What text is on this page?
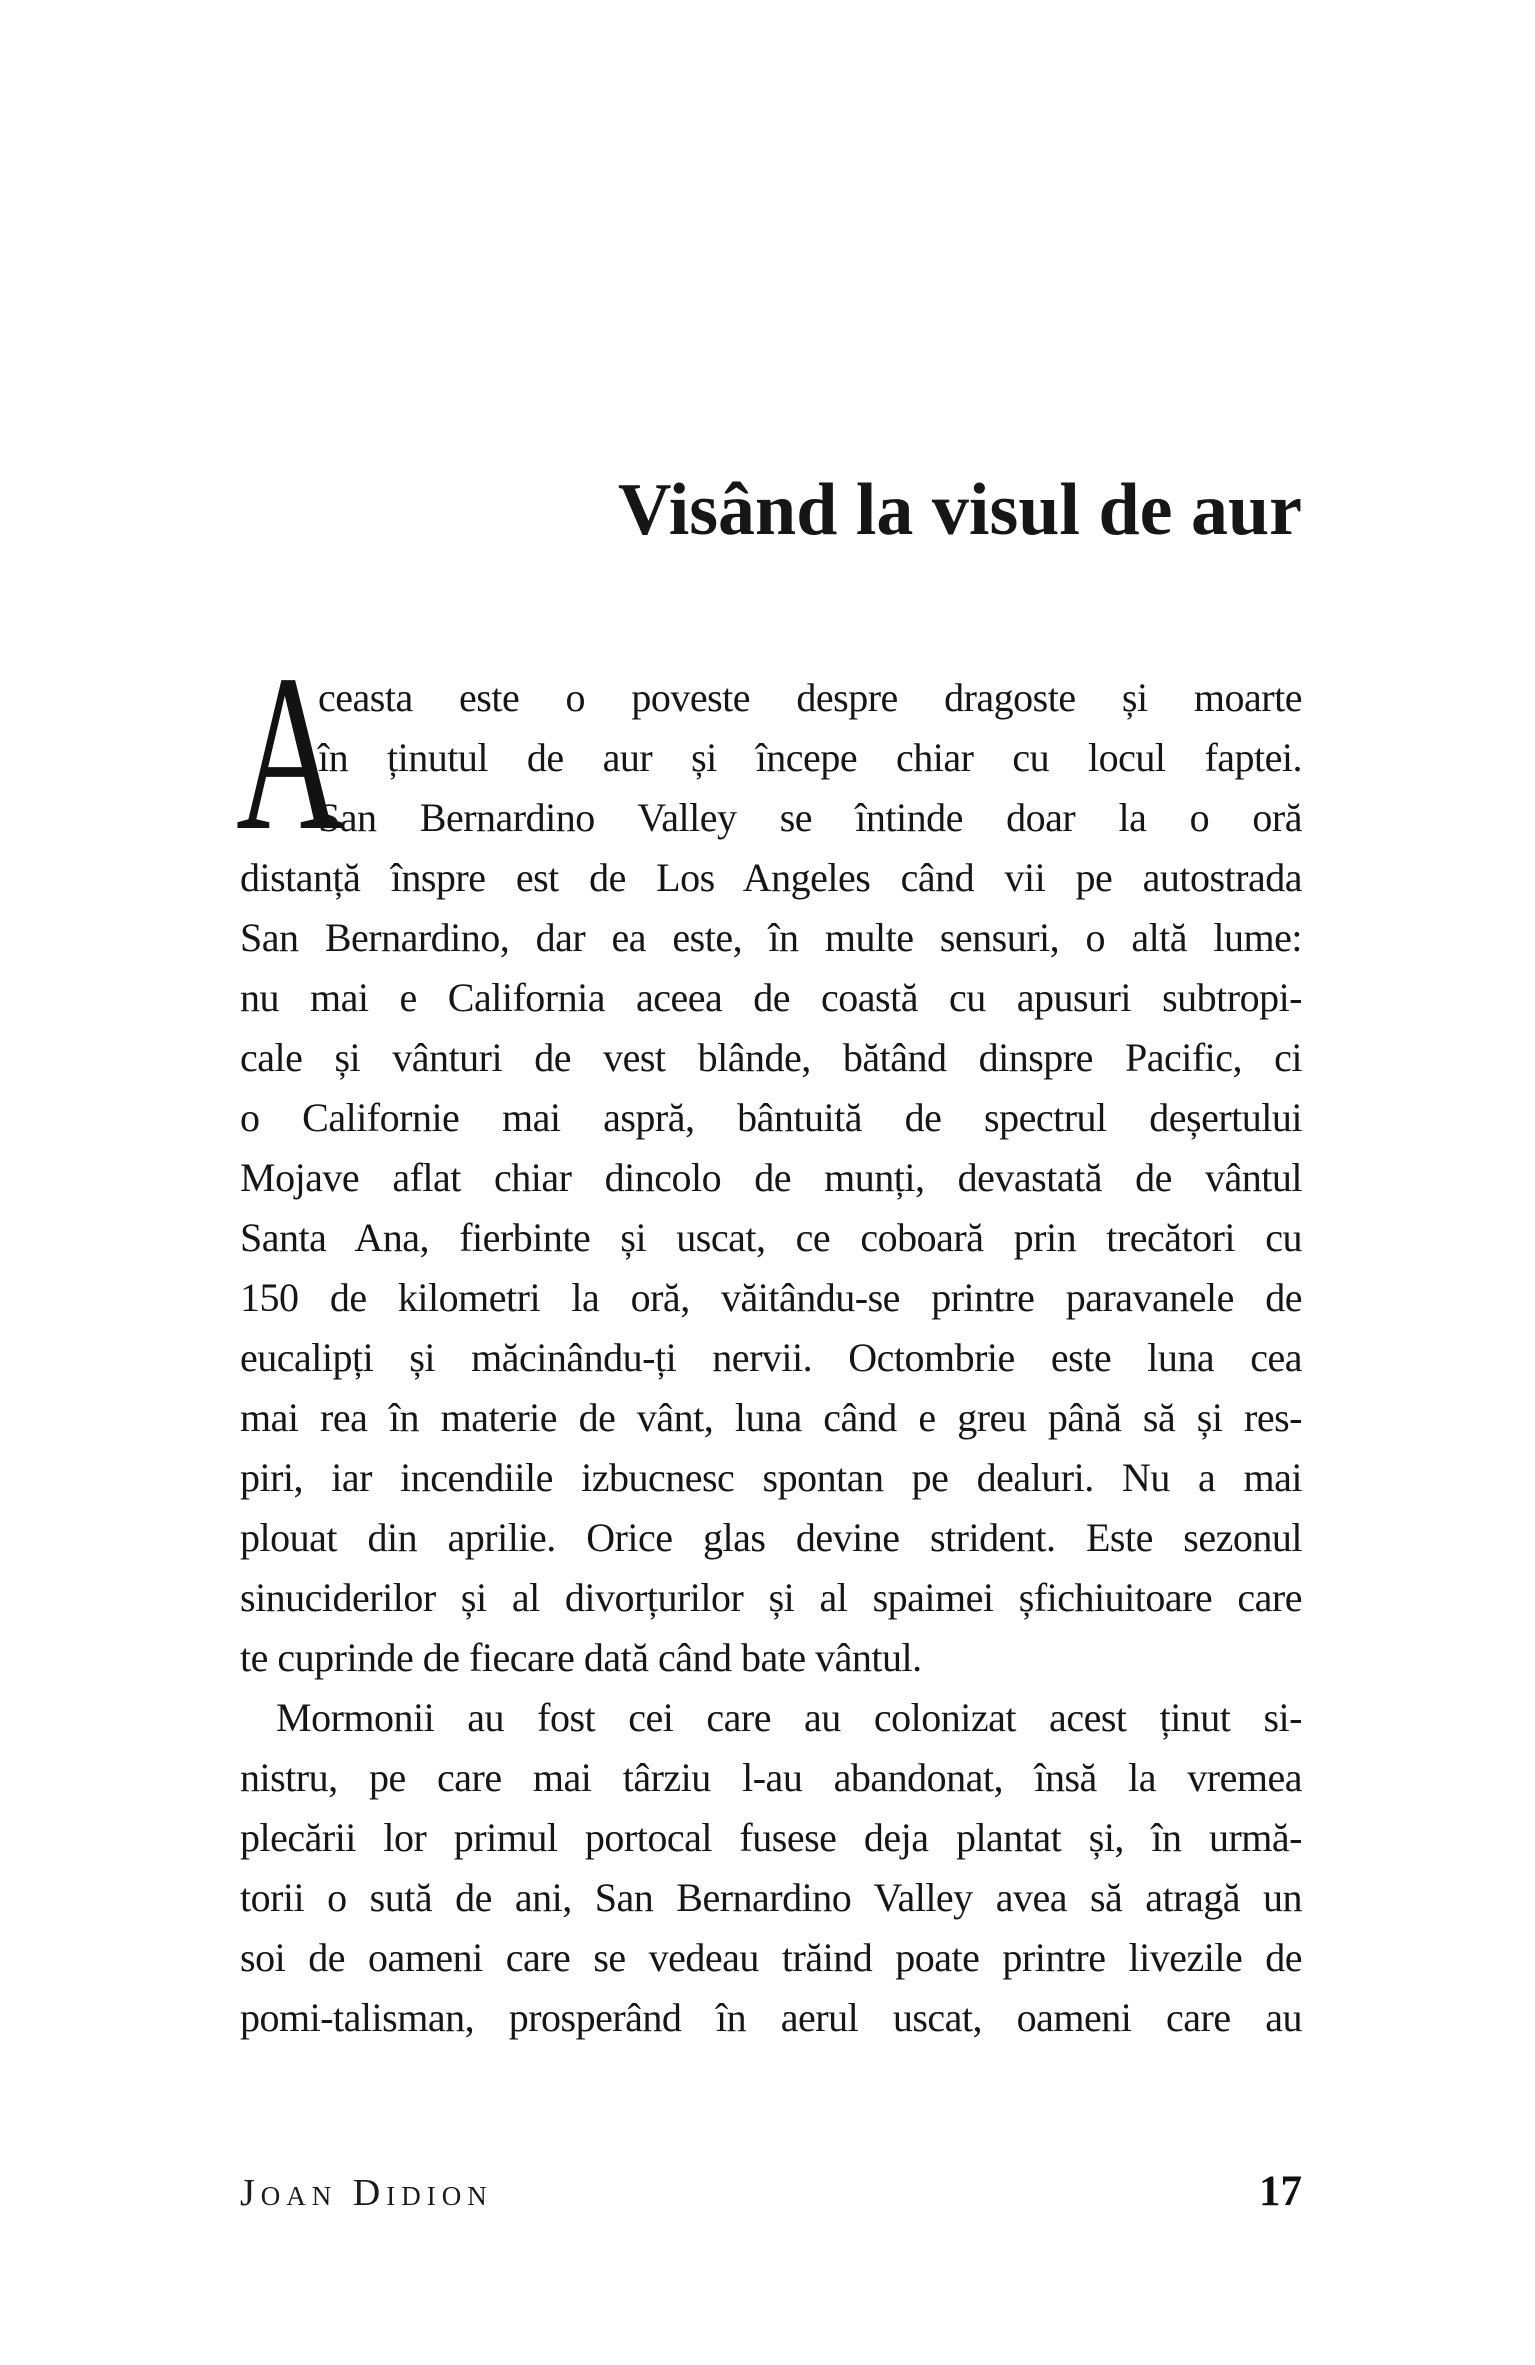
Visând la visul de aur
A
ceasta este o poveste despre dragoste și moarte
în ținutul de aur și începe chiar cu locul faptei.
San Bernardino Valley se întinde doar la o oră
distanță înspre est de Los Angeles când vii pe autostrada
San Bernardino, dar ea este, în multe sensuri, o altă lume:
nu mai e California aceea de coastă cu apusuri subtropi-
cale și vânturi de vest blânde, bătând dinspre Pacific, ci
o Californie mai aspră, bântuită de spectrul deșertului
Mojave aflat chiar dincolo de munți, devastată de vântul
Santa Ana, fierbinte și uscat, ce coboară prin trecători cu
150 de kilometri la oră, văitându-se printre paravanele de
eucalipți și măcinându-ți nervii. Octombrie este luna cea
mai rea în materie de vânt, luna când e greu până să și res-
piri, iar incendiile izbucnesc spontan pe dealuri. Nu a mai
plouat din aprilie. Orice glas devine strident. Este sezonul
sinuciderilor și al divorțurilor și al spaimei șfichiuitoare care
te cuprinde de fiecare dată când bate vântul.
Mormonii au fost cei care au colonizat acest ținut si-
nistru, pe care mai târziu l-au abandonat, însă la vremea
plecării lor primul portocal fusese deja plantat și, în urmă-
torii o sută de ani, San Bernardino Valley avea să atragă un
soi de oameni care se vedeau trăind poate printre livezile de
pomi-talisman, prosperând în aerul uscat, oameni care au
Joan Didion	17
